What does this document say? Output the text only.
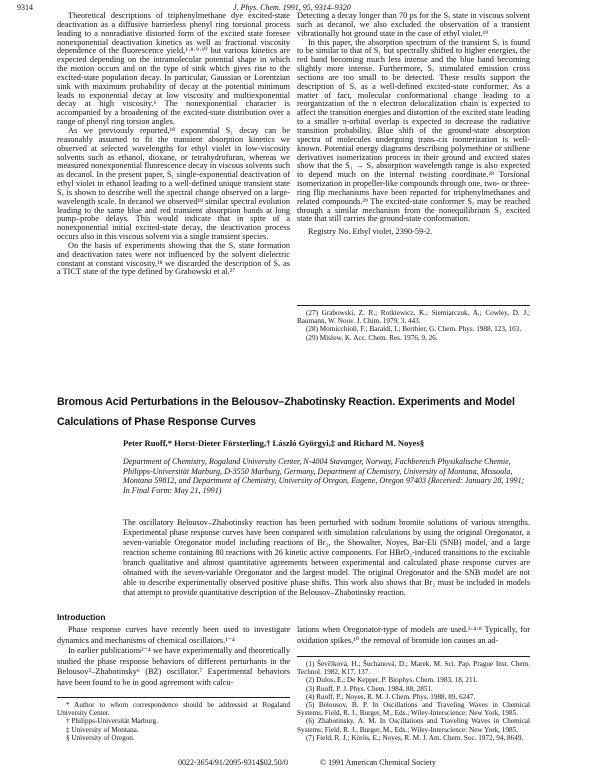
9314	J. Phys. Chem. 1991, 95, 9314–9320

Theoretical descriptions of triphenylmethane dye excited-state deactivation as a diffusive barrierless phenyl ring torsional process leading to a nonradiative distorted form of the excited state foresee nonexponential deactivation kinetics as well as fractional viscosity dependence of the fluorescence yield,¹·⁸·⁹·¹⁰ but various kinetics are expected depending on the intramolecular potential shape in which the motion occurs and on the type of sink which gives rise to the excited-state population decay. In particular, Gaussian or Lorentzian sink with maximum probability of decay at the potential minimum leads to exponential decay at low viscosity and multiexponential decay at high viscosity.⁶ The nonexponential character is accompanied by a broadening of the excited-state distribution over a range of phenyl ring torsion angles.

As we previously reported,¹⁸ exponential S₁ decay can be reasonably assumed to fit the transient absorption kinetics we observed at selected wavelengths for ethyl violet in low-viscosity solvents such as ethanol, dioxane, or tetrahydrofuran, whereas we measured nonexponential fluorescence decay in viscous solvents such as decanol. In the present paper, S₁ single-exponential deactivation of ethyl violet in ethanol leading to a well-defined unique transient state Sₓ is shown to describe well the spectral change observed on a large-wavelength scale. In decanol we observed¹⁸ similar spectral evolution leading to the same blue and red transient absorption bands at long pump–probe delays. This would indicate that in spite of a nonexponential initial excited-state decay, the deactivation process occurs also in this viscous solvent via a single transient species.

On the basis of experiments showing that the Sₓ state formation and deactivation rates were not influenced by the solvent dielectric constant at constant viscosity,¹⁸ we discarded the description of Sₓ as a TICT state of the type defined by Grabowski et al.²⁷

Detecting a decay longer than 70 ps for the Sₓ state in viscous solvent such as decanol, we also excluded the observation of a transient vibrationally hot ground state in the case of ethyl violet.¹⁹

In this paper, the absorption spectrum of the transient Sₓ is found to be similar to that of S₁ but spectrally shifted to higher energies, the red band becoming much less intense and the blue band becoming slightly more intense. Furthermore, Sₓ stimulated emission cross sections are too small to be detected. These results support the description of Sₓ as a well-defined excited-state conformer. As a matter of fact, molecular conformational change leading to a reorganization of the π electron delocalization chain is expected to affect the transition energies and distortion of the excited state leading to a smaller π-orbital overlap is expected to decrease the radiative transition probability. Blue shift of the ground-state absorption spectra of molecules undergoing trans–cis isomerization is well-known. Potential energy diagrams describing polymethine or stilbene derivatives isomerization process in their ground and excited states show that the S₁ → Sₓ absorption wavelength range is also expected to depend much on the internal twisting coordinate.²⁸ Torsional isomerization in propeller-like compounds through one, two- or three-ring flip mechanisms have been reported for triphenylmethanes and related compounds.²⁹ The excited-state conformer Sₓ may be reached through a similar mechanism from the nonequilibrium S₁ excited state that still carries the ground-state conformation.

Registry No. Ethyl violet, 2390-59-2.

(27) Grabowski, Z. R.; Rotkiewicz, K.; Siemiarczuk, A.; Cowley, D. J.; Baumann, W. Nouv. J. Chim. 1979, 3, 443.
(28) Momicchioli, F.; Baraldi, I.; Berthier, G. Chem. Phys. 1988, 123, 103.
(29) Mislow, K. Acc. Chem. Res. 1976, 9, 26.
Bromous Acid Perturbations in the Belousov–Zhabotinsky Reaction. Experiments and Model Calculations of Phase Response Curves
Peter Ruoff,* Horst-Dieter Försterling,† László Györgyi,‡ and Richard M. Noyes§
Department of Chemistry, Rogaland University Center, N-4004 Stavanger, Norway, Fachbereich Physikalische Chemie, Philipps-Universität Marburg, D-3550 Marburg, Germany, Department of Chemistry, University of Montana, Missoula, Montana 59812, and Department of Chemistry, University of Oregon, Eugene, Oregon 97403 (Received: January 28, 1991; In Final Form: May 21, 1991)
The oscillatory Belousov–Zhabotinsky reaction has been perturbed with sodium bromite solutions of various strengths. Experimental phase response curves have been compared with simulation calculations by using the original Oregonator, a seven-variable Oregonator model including reactions of Br₂, the Showalter, Noyes, Bar-Eli (SNB) model, and a large reaction scheme containing 80 reactions with 26 kinetic active components. For HBrO₂-induced transitions to the excitable branch qualitative and almost quantitative agreements between experimental and calculated phase response curves are obtained with the seven-variable Oregonator and the largest model. The original Oregonator and the SNB model are not able to describe experimentally observed positive phase shifts. This work also shows that Br₂ must be included in models that attempt to provide quantitative description of the Belousov–Zhabotinsky reaction.
Introduction

Phase response curves have recently been used to investigate dynamics and mechanisms of chemical oscillators.¹⁻⁴

In earlier publications²⁻⁴ we have experimentally and theoretically studied the phase response behaviors of different perturbants in the Belousov⁵–Zhabotinsky⁶ (BZ) oscillator.⁷ Experimental behaviors have been found to be in good agreement with calcu-

lations when Oregonator-type of models are used.³·⁴·⁸ Typically, for oxidation spikes,¹⁰ the removal of bromide ion causes an ad-

* Author to whom correspondence should be addressed at Rogaland University Center.
† Philipps-Universität Marburg.
‡ University of Montana.
§ University of Oregon.
(1) Ševčíková, H.; Šuchanová, D.; Marek, M. Sci. Pap. Prague Inst. Chem. Technol. 1982, K17, 137.
(2) Dulos, E.; De Kepper, P. Biophys. Chem. 1983, 18, 211.
(3) Ruoff, P. J. Phys. Chem. 1984, 88, 2851.
(4) Ruoff, P.; Noyes, R. M. J. Chem. Phys. 1988, 89, 6247.
(5) Belousov, B. P. In Oscillations and Traveling Waves in Chemical Systems; Field, R. J., Burger, M., Eds.; Wiley-Interscience: New York, 1985.
(6) Zhabotinsky, A. M. In Oscillations and Traveling Waves in Chemical Systems; Field, R. J., Burger, M., Eds.; Wiley-Interscience: New York, 1985.
(7) Field, R. J.; Körös, E.; Noyes, R. M. J. Am. Chem. Soc. 1972, 94, 8649.
0022-3654/91/2095-9314$02.50/0	© 1991 American Chemical Society
